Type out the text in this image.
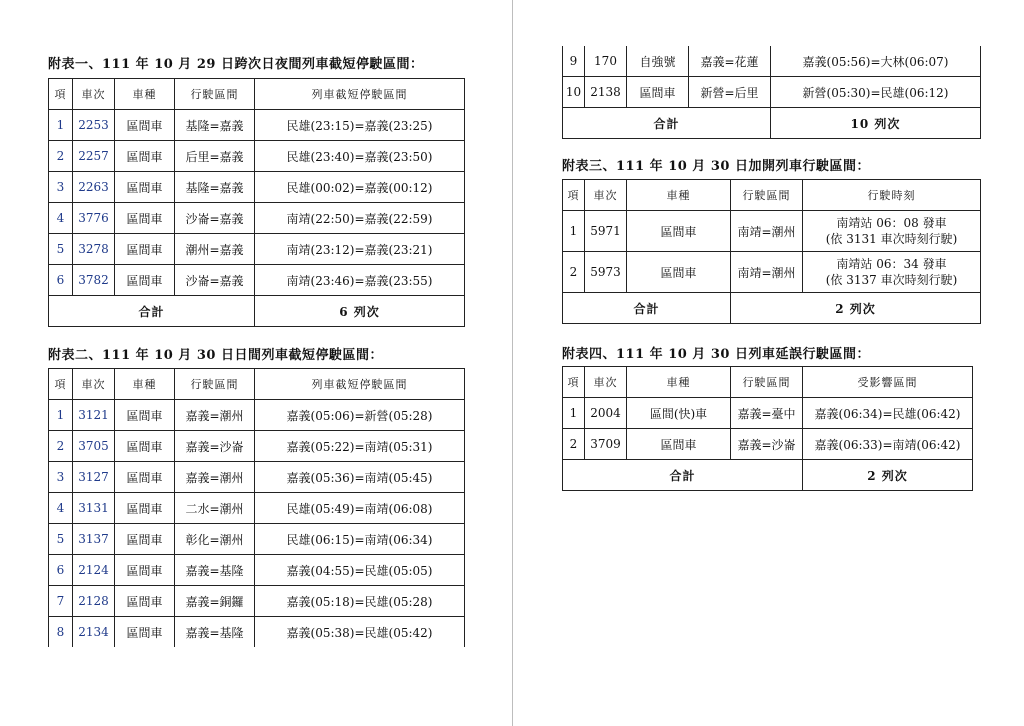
附表一、111 年 10 月 29 日跨次日夜間列車截短停駛區間：
項	車次	車種	行駛區間	列車截短停駛區間
1	2253	區間車	基隆=嘉義	民雄(23:15)=嘉義(23:25)
2	2257	區間車	后里=嘉義	民雄(23:40)=嘉義(23:50)
3	2263	區間車	基隆=嘉義	民雄(00:02)=嘉義(00:12)
4	3776	區間車	沙崙=嘉義	南靖(22:50)=嘉義(22:59)
5	3278	區間車	潮州=嘉義	南靖(23:12)=嘉義(23:21)
6	3782	區間車	沙崙=嘉義	南靖(23:46)=嘉義(23:55)
合計				6 列次
附表二、111 年 10 月 30 日日間列車截短停駛區間：
項	車次	車種	行駛區間	列車截短停駛區間
1	3121	區間車	嘉義=潮州	嘉義(05:06)=新營(05:28)
2	3705	區間車	嘉義=沙崙	嘉義(05:22)=南靖(05:31)
3	3127	區間車	嘉義=潮州	嘉義(05:36)=南靖(05:45)
4	3131	區間車	二水=潮州	民雄(05:49)=南靖(06:08)
5	3137	區間車	彰化=潮州	民雄(06:15)=南靖(06:34)
6	2124	區間車	嘉義=基隆	嘉義(04:55)=民雄(05:05)
7	2128	區間車	嘉義=銅鑼	嘉義(05:18)=民雄(05:28)
8	2134	區間車	嘉義=基隆	嘉義(05:38)=民雄(05:42)
9	170	自強號	嘉義=花蓮	嘉義(05:56)=大林(06:07)
10	2138	區間車	新營=后里	新營(05:30)=民雄(06:12)
合計				10 列次
附表三、111 年 10 月 30 日加開列車行駛區間：
項	車次	車種	行駛區間	行駛時刻
1	5971	區間車	南靖=潮州	南靖站 06：08 發車
(依 3131 車次時刻行駛)

2	5973	區間車	南靖=潮州	南靖站 06：34 發車
(依 3137 車次時刻行駛)

合計			2 列次	
附表四、111 年 10 月 30 日列車延誤行駛區間：
項	車次	車種	行駛區間	受影響區間
1	2004	區間(快)車	嘉義=臺中	嘉義(06:34)=民雄(06:42)
2	3709	區間車	嘉義=沙崙	嘉義(06:33)=南靖(06:42)
合計				2 列次
